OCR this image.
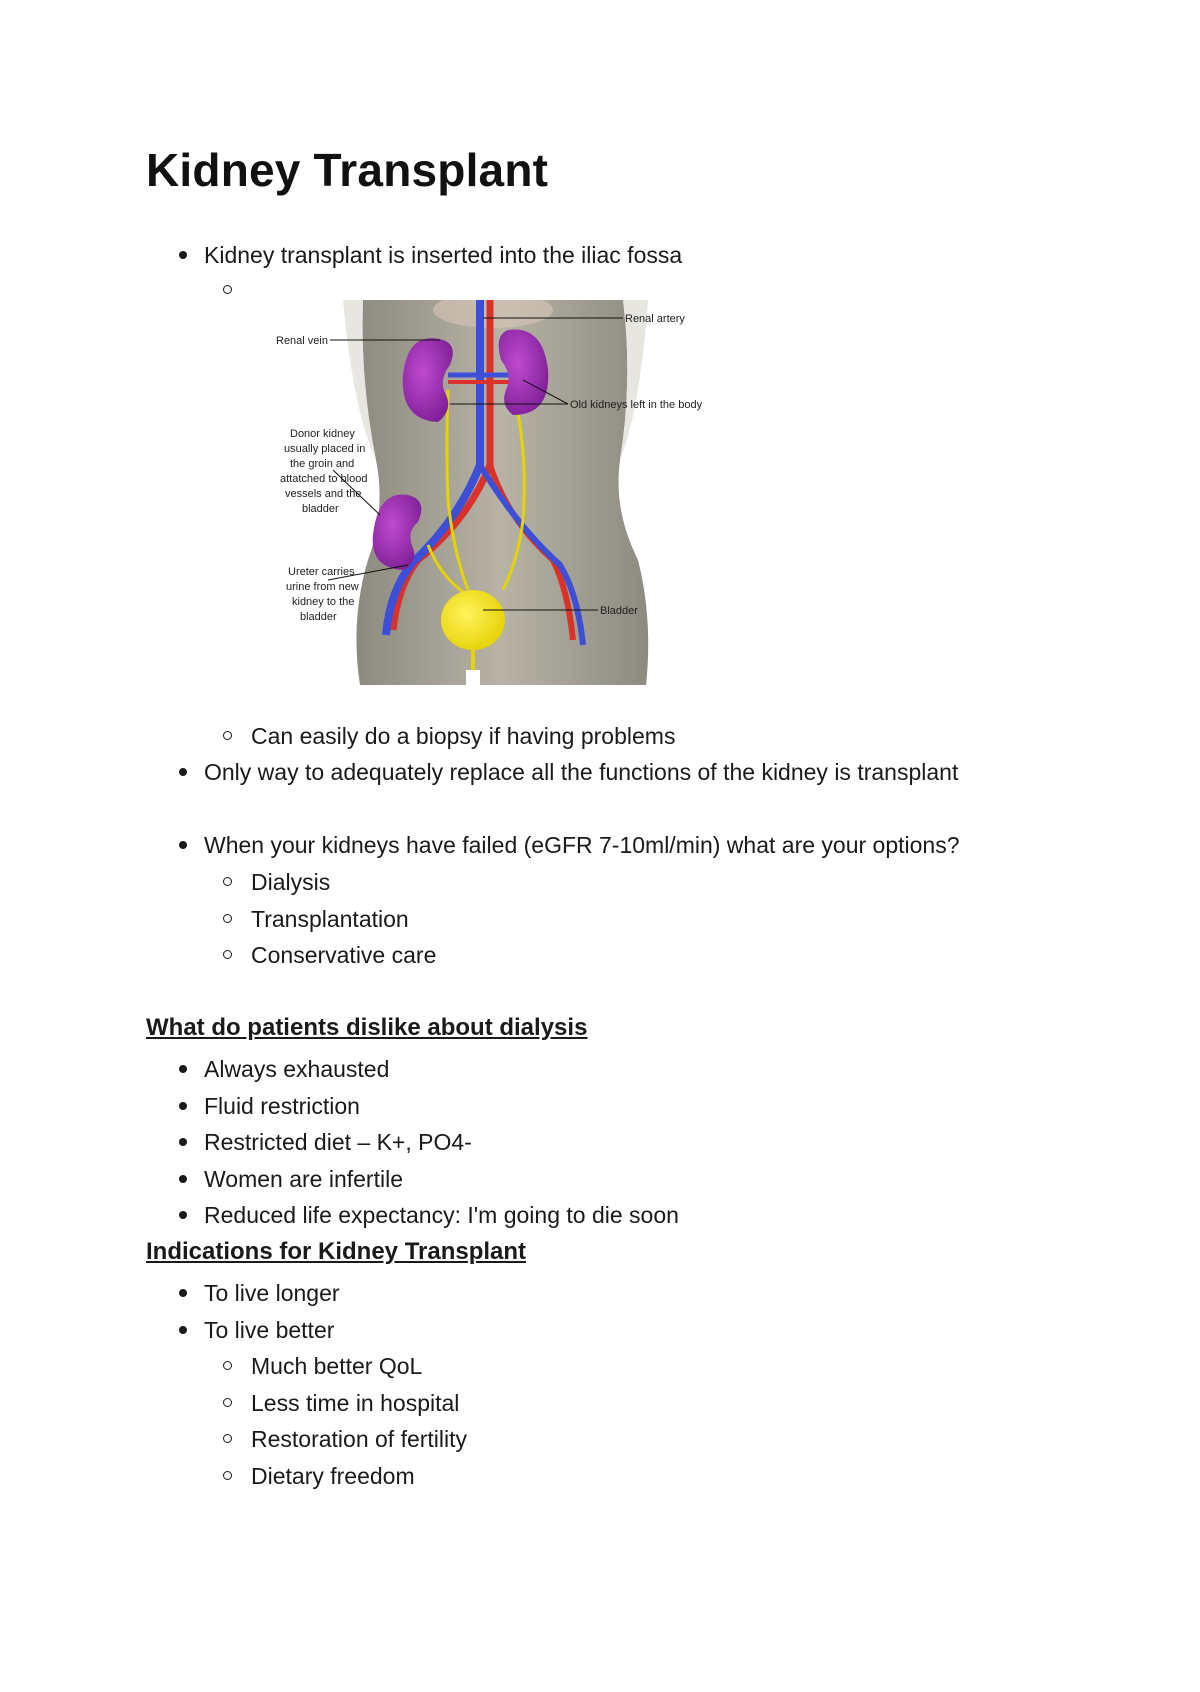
Kidney Transplant

Kidney transplant is inserted into the iliac fossa

Renal artery
Renal vein
Old kidneys left in the body
Donor kidney
usually placed in
the groin and
attatched to blood
vessels and the
bladder
Ureter carries
urine from new
kidney to the
bladder	Bladder

Can easily do a biopsy if having problems

Only way to adequately replace all the functions of the kidney is transplant

When your kidneys have failed (eGFR 7-10ml/min) what are your options?

Dialysis

Transplantation

Conservative care

What do patients dislike about dialysis

Always exhausted

Fluid restriction

Restricted diet – K+, PO4-

Women are infertile

Reduced life expectancy: I'm going to die soon

Indications for Kidney Transplant

To live longer

To live better

Much better QoL

Less time in hospital

Restoration of fertility

Dietary freedom
